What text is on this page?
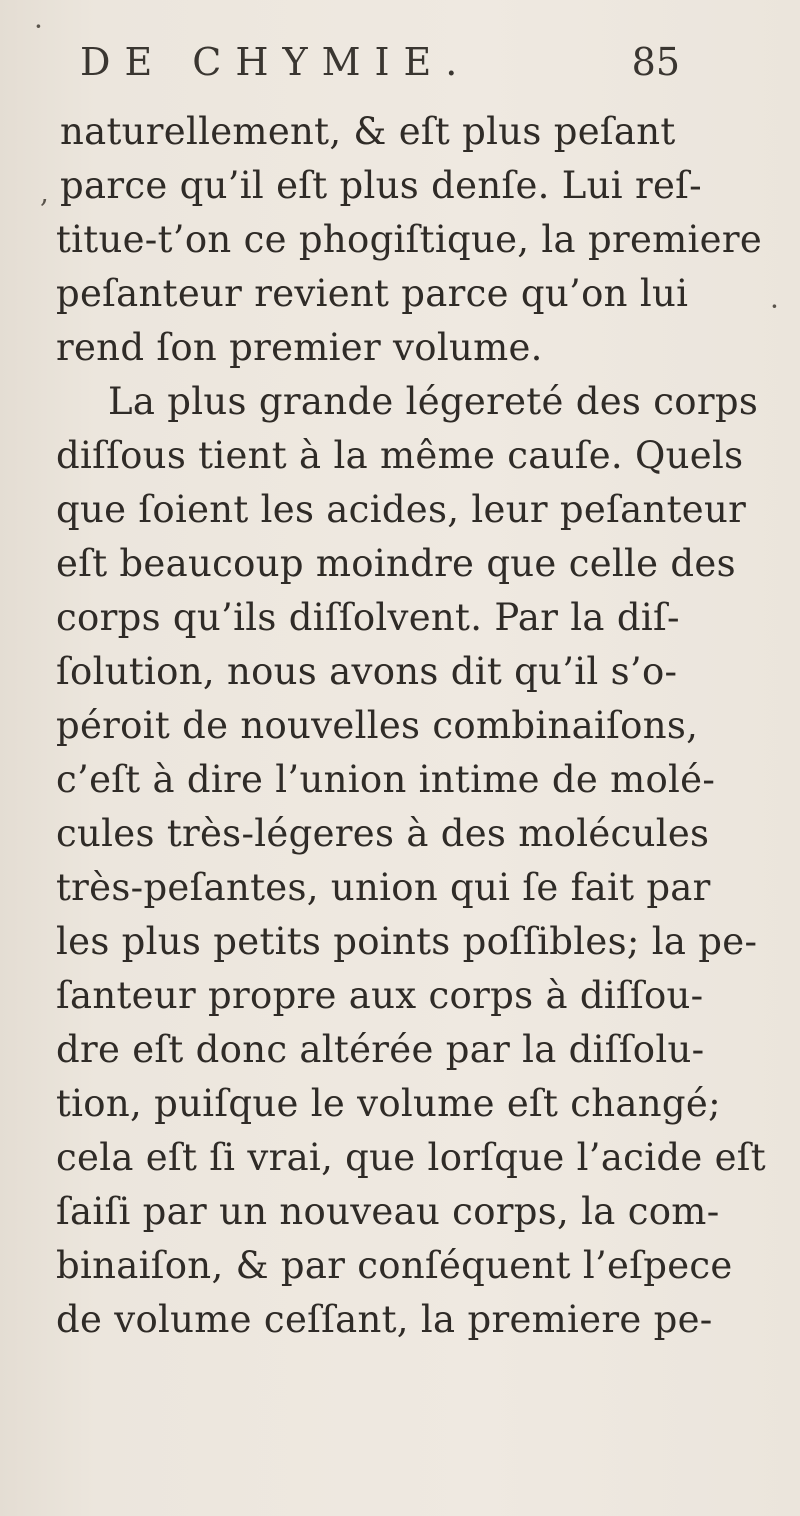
DE CHYMIE.	85
naturellement, & eſt plus peſant
parce qu’il eſt plus denſe. Lui reſ-
titue-t’on ce phogiſtique, la premiere
peſanteur revient parce qu’on lui
rend ſon premier volume.
La plus grande légereté des corps
diſſous tient à la même cauſe. Quels
que ſoient les acides, leur peſanteur
eſt beaucoup moindre que celle des
corps qu’ils diſſolvent. Par la diſ-
ſolution, nous avons dit qu’il s’o-
péroit de nouvelles combinaiſons,
c’eſt à dire l’union intime de molé-
cules très-légeres à des molécules
très-peſantes, union qui ſe fait par
les plus petits points poſſibles; la pe-
ſanteur propre aux corps à diſſou-
dre eſt donc altérée par la diſſolu-
tion, puiſque le volume eſt changé;
cela eſt ſi vrai, que lorſque l’acide eſt
ſaiſi par un nouveau corps, la com-
binaiſon, & par conſéquent l’eſpece
de volume ceſſant, la premiere pe-
,
·
·
